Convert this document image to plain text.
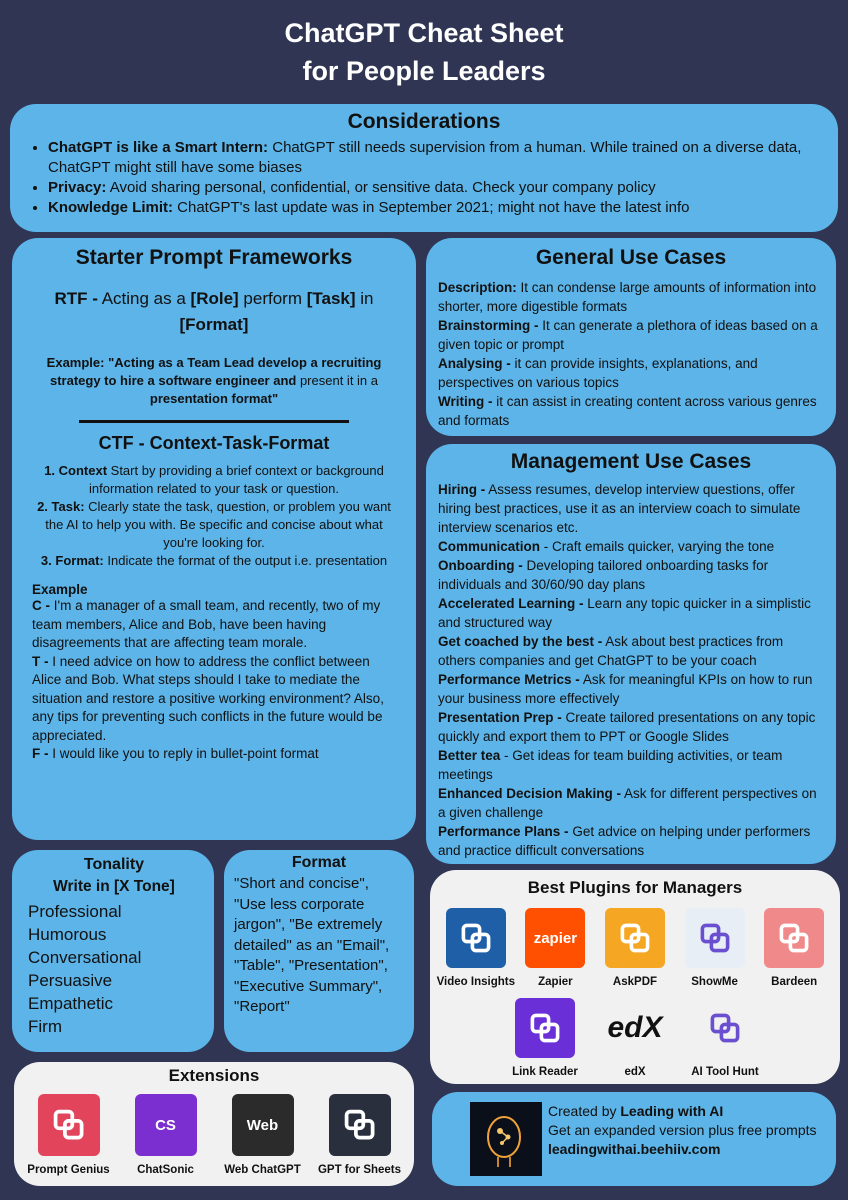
ChatGPT Cheat Sheet
for People Leaders
Considerations
• ChatGPT is like a Smart Intern: ChatGPT still needs supervision from a human. While trained on a diverse data, ChatGPT might still have some biases
• Privacy: Avoid sharing personal, confidential, or sensitive data. Check your company policy
• Knowledge Limit: ChatGPT's last update was in September 2021; might not have the latest info
Starter Prompt Frameworks
RTF - Acting as a [Role] perform [Task] in [Format]
Example: "Acting as a Team Lead develop a recruiting strategy to hire a software engineer and present it in a presentation format"
CTF - Context-Task-Format
1. Context Start by providing a brief context or background information related to your task or question.
2. Task: Clearly state the task, question, or problem you want the AI to help you with. Be specific and concise about what you're looking for.
3. Format: Indicate the format of the output i.e. presentation
Example
C - I'm a manager of a small team, and recently, two of my team members, Alice and Bob, have been having disagreements that are affecting team morale.
T - I need advice on how to address the conflict between Alice and Bob. What steps should I take to mediate the situation and restore a positive working environment? Also, any tips for preventing such conflicts in the future would be appreciated.
F - I would like you to reply in bullet-point format
General Use Cases
Description: It can condense large amounts of information into shorter, more digestible formats
Brainstorming - It can generate a plethora of ideas based on a given topic or prompt
Analysing - it can provide insights, explanations, and perspectives on various topics
Writing - it can assist in creating content across various genres and formats
Management Use Cases
Hiring - Assess resumes, develop interview questions, offer hiring best practices, use it as an interview coach to simulate interview scenarios etc.
Communication - Craft emails quicker, varying the tone
Onboarding - Developing tailored onboarding tasks for individuals and 30/60/90 day plans
Accelerated Learning - Learn any topic quicker in a simplistic and structured way
Get coached by the best - Ask about best practices from others companies and get ChatGPT to be your coach
Performance Metrics - Ask for meaningful KPIs on how to run your business more effectively
Presentation Prep - Create tailored presentations on any topic quickly and export them to PPT or Google Slides
Better tea - Get ideas for team building activities, or team meetings
Enhanced Decision Making - Ask for different perspectives on a given challenge
Performance Plans - Get advice on helping under performers and practice difficult conversations
Tonality
Write in [X Tone]
Professional
Humorous
Conversational
Persuasive
Empathetic
Firm
Format
"Short and concise", "Use less corporate jargon", "Be extremely detailed" as an "Email", "Table", "Presentation", "Executive Summary", "Report"
Best Plugins for Managers
Video Insights
zapier
Zapier	AskPDF	ShowMe	Bardeen
Link Reader
edX
edX	AI Tool Hunt
Extensions
Prompt Genius
CS
ChatSonic
Web
Web ChatGPT GPT for Sheets
Created by Leading with AI
Get an expanded version plus free prompts leadingwithai.beehiiv.com
